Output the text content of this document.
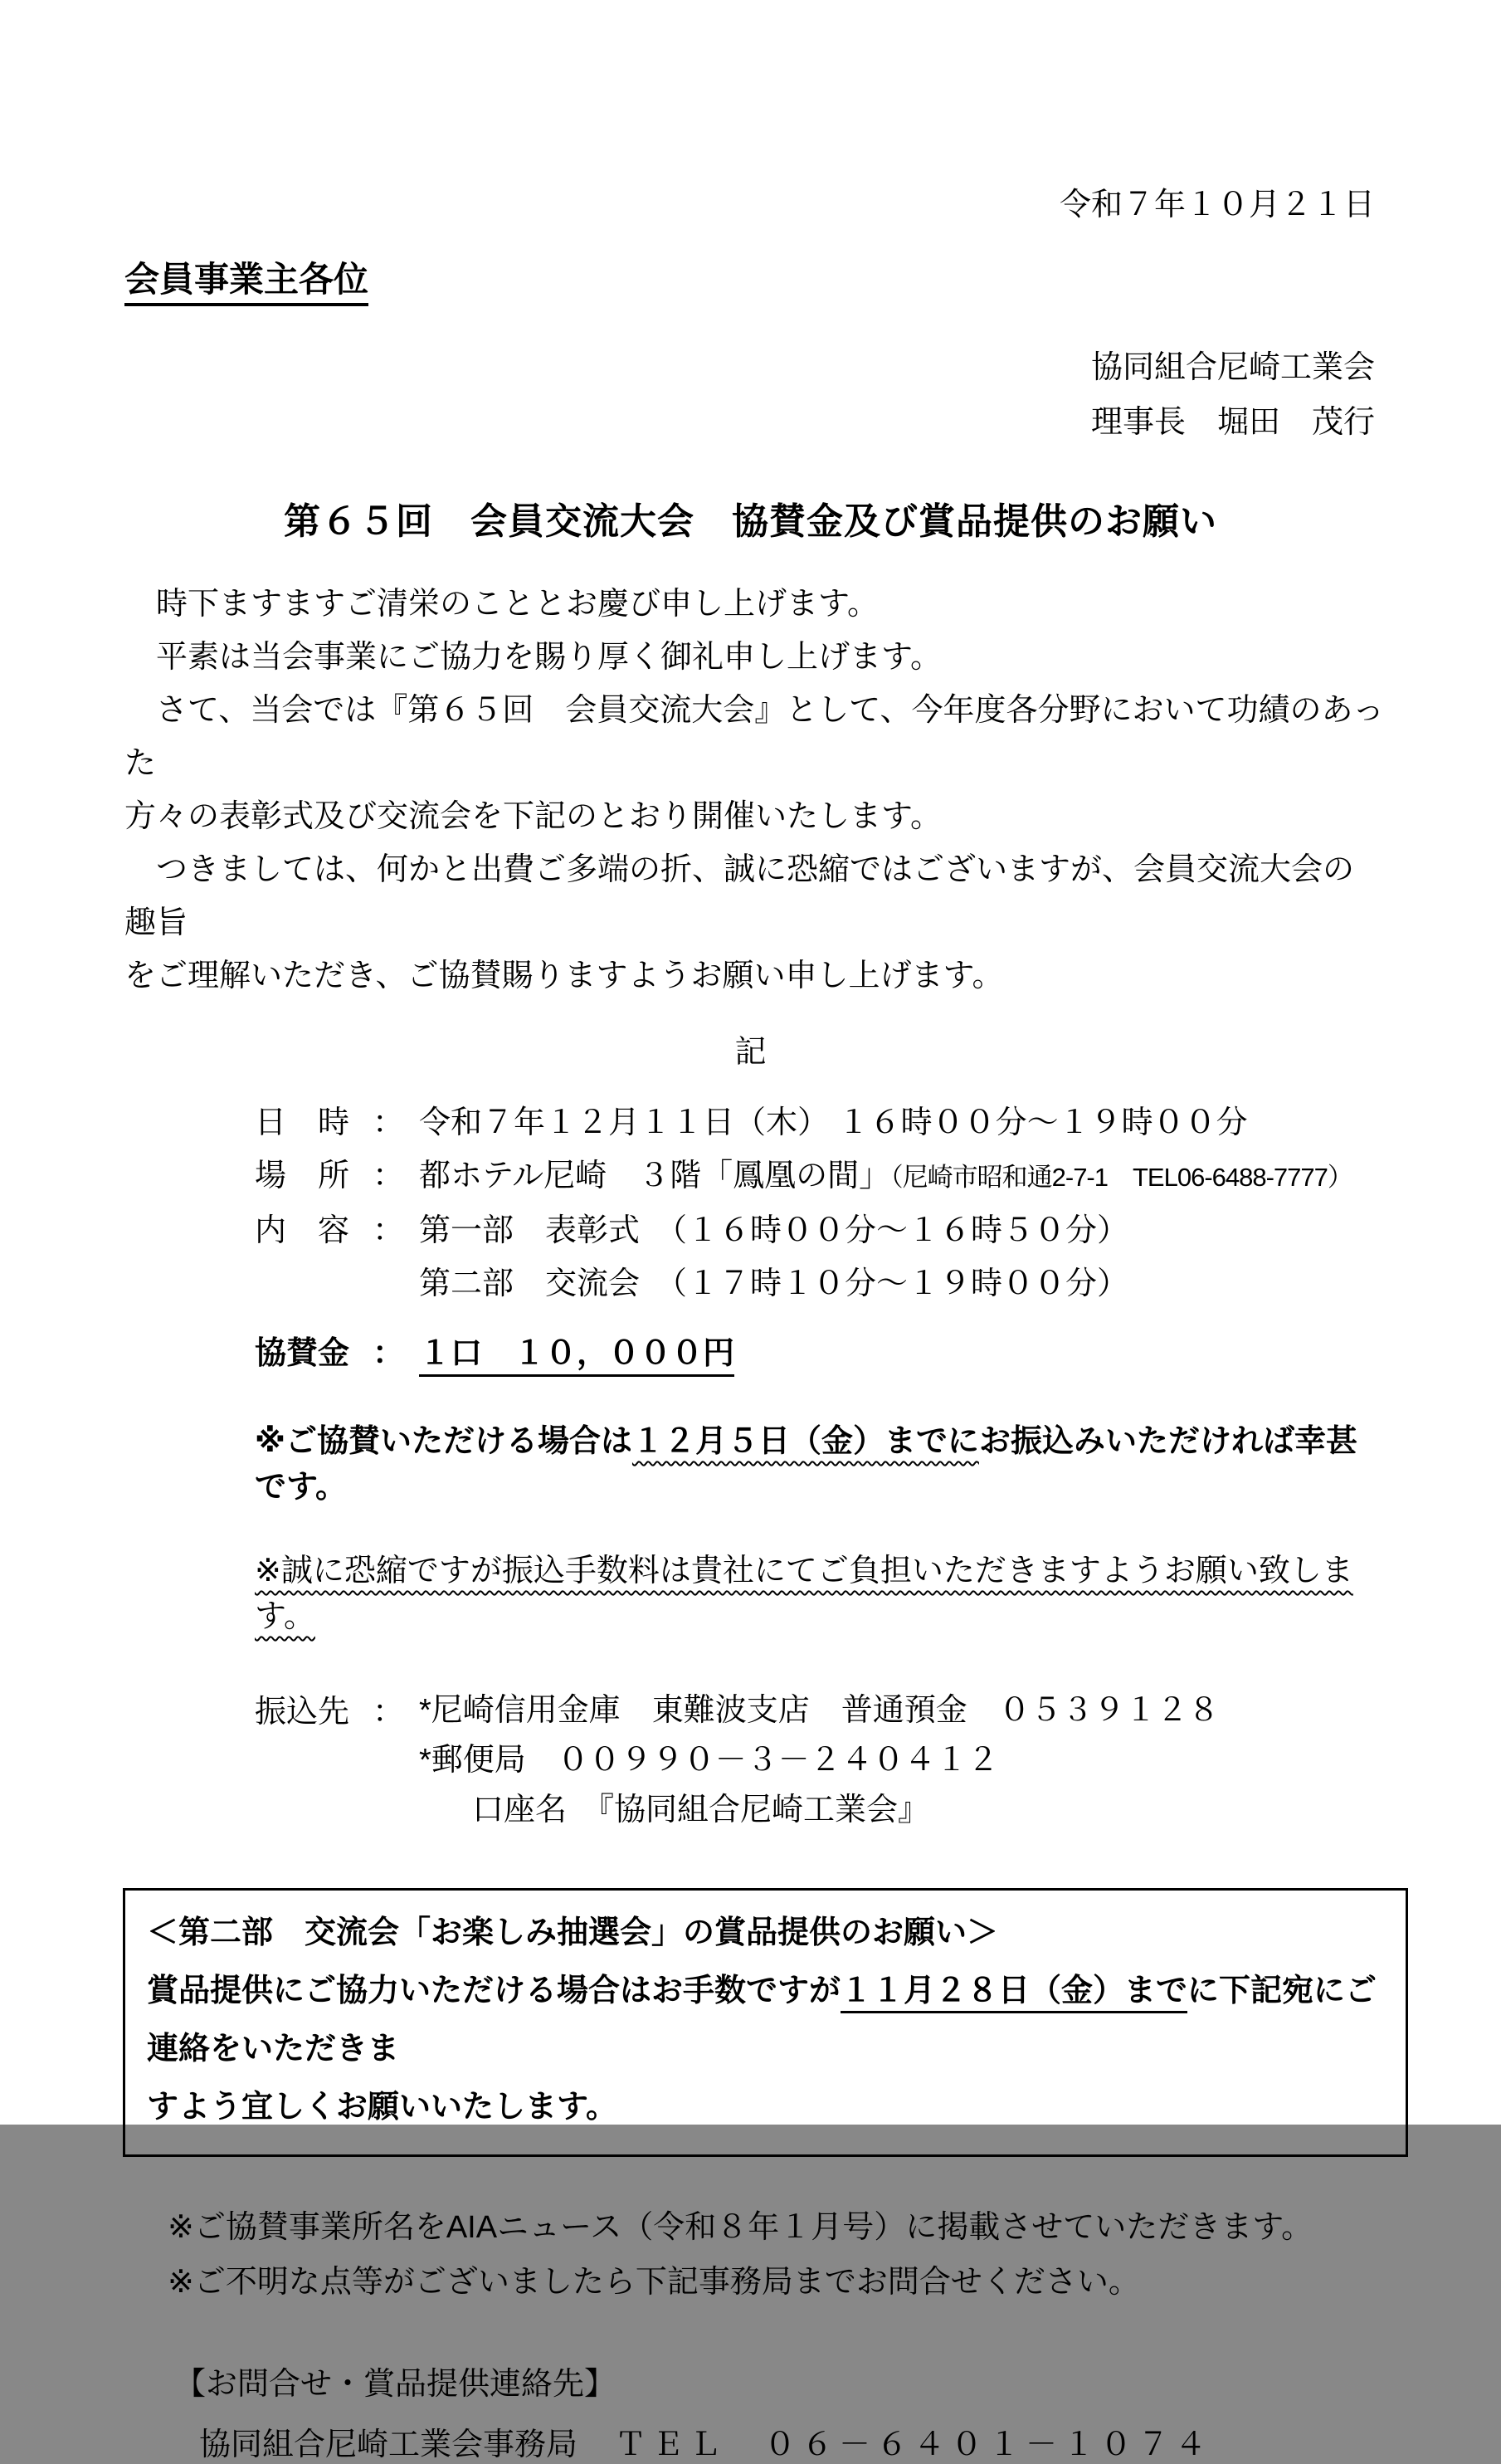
令和７年１０月２１日
会員事業主各位
協同組合尼崎工業会
理事長　堀田　茂行
第６５回　会員交流大会　協賛金及び賞品提供のお願い
　時下ますますご清栄のこととお慶び申し上げます。
　平素は当会事業にご協力を賜り厚く御礼申し上げます。
　さて、当会では『第６５回　会員交流大会』として、今年度各分野において功績のあった
方々の表彰式及び交流会を下記のとおり開催いたします。
　つきましては、何かと出費ご多端の折、誠に恐縮ではございますが、会員交流大会の趣旨
をご理解いただき、ご協賛賜りますようお願い申し上げます。
記
日　時 ： 令和７年１２月１１日（木） １６時００分～１９時００分
場　所 ： 都ホテル尼崎　３階「鳳凰の間」（尼崎市昭和通2-7-1　TEL06-6488-7777）
内　容 ： 第一部　表彰式　（１６時００分～１６時５０分）
第二部　交流会　（１７時１０分～１９時００分）
協賛金 ： １口　１０，０００円
※ご協賛いただける場合は１２月５日（金）までにお振込みいただければ幸甚です。
※誠に恐縮ですが振込手数料は貴社にてご負担いただきますようお願い致します。
振込先 ： *尼崎信用金庫　東難波支店　普通預金　０５３９１２８
*郵便局　００９９０－３－２４０４１２
口座名　『協同組合尼崎工業会』
＜第二部　交流会「お楽しみ抽選会」の賞品提供のお願い＞
賞品提供にご協力いただける場合はお手数ですが１１月２８日（金）までに下記宛にご連絡をいただきま
すよう宜しくお願いいたします。
※ご協賛事業所名をAIAニュース（令和８年１月号）に掲載させていただきます。
※ご不明な点等がございましたら下記事務局までお問合せください。
【お問合せ・賞品提供連絡先】
協同組合尼崎工業会事務局　ＴＥＬ　０６－６４０１－１０７４
